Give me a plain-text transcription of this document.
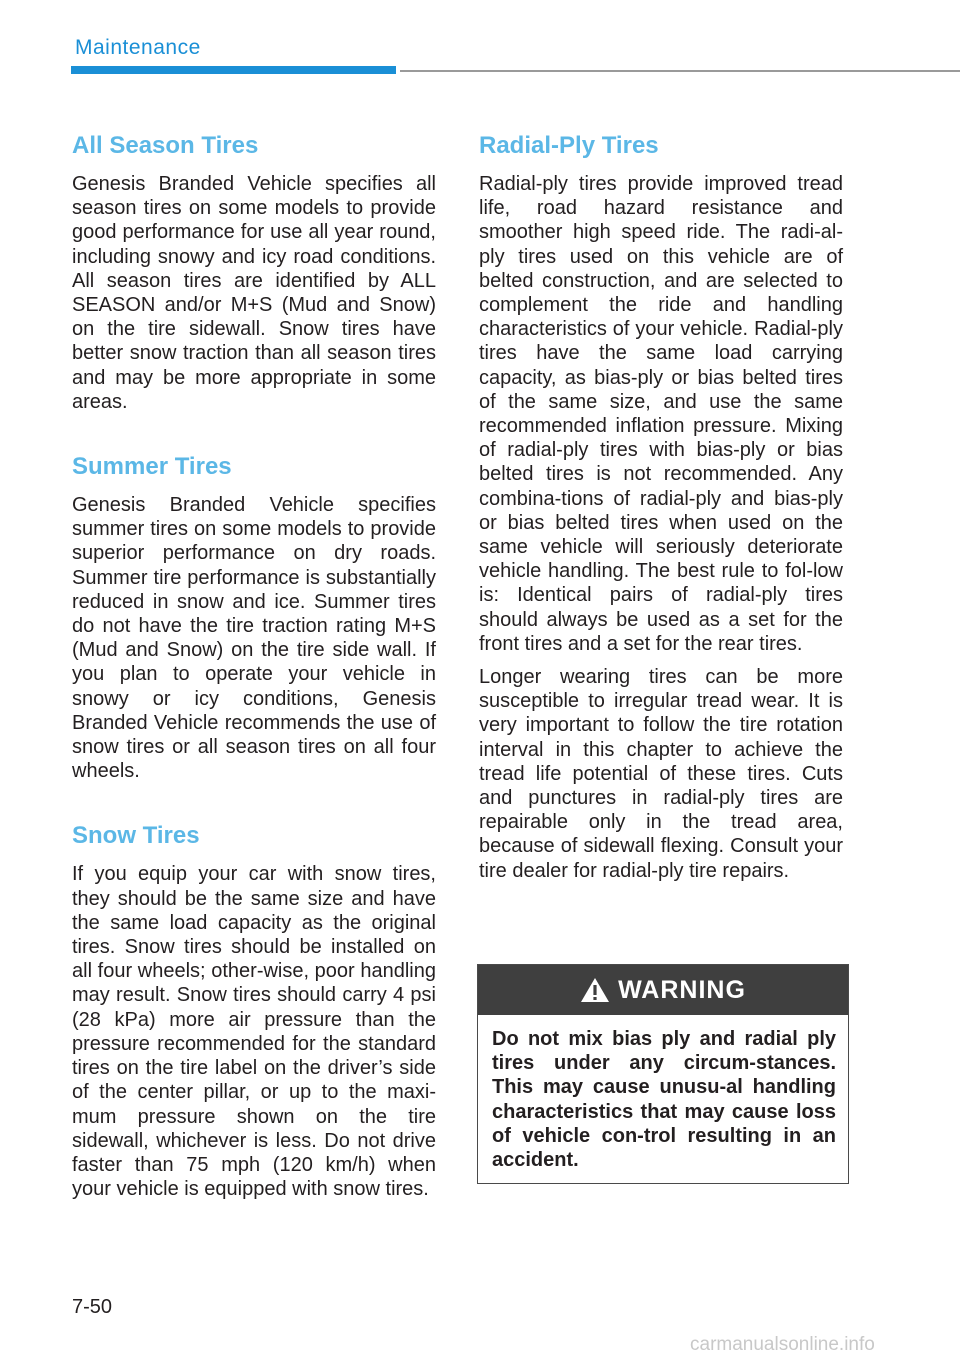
Maintenance
All Season Tires

Genesis Branded Vehicle specifies all season tires on some models to provide good performance for use all year round, including snowy and icy road conditions. All season tires are identified by ALL SEASON and/or M+S (Mud and Snow) on the tire sidewall. Snow tires have better snow traction than all season tires and may be more appropriate in some areas.

Summer Tires

Genesis Branded Vehicle specifies summer tires on some models to provide superior performance on dry roads. Summer tire performance is substantially reduced in snow and ice. Summer tires do not have the tire traction rating M+S (Mud and Snow) on the tire side wall. If you plan to operate your vehicle in snowy or icy conditions, Genesis Branded Vehicle recommends the use of snow tires or all season tires on all four wheels.

Snow Tires

If you equip your car with snow tires, they should be the same size and have the same load capacity as the original tires. Snow tires should be installed on all four wheels; other-wise, poor handling may result. Snow tires should carry 4 psi (28 kPa) more air pressure than the pressure recommended for the standard tires on the tire label on the driver’s side of the center pillar, or up to the maxi-mum pressure shown on the tire sidewall, whichever is less. Do not drive faster than 75 mph (120 km/h) when your vehicle is equipped with snow tires.

Radial-Ply Tires

Radial-ply tires provide improved tread life, road hazard resistance and smoother high speed ride. The radi-al-ply tires used on this vehicle are of belted construction, and are selected to complement the ride and handling characteristics of your vehicle. Radial-ply tires have the same load carrying capacity, as bias-ply or bias belted tires of the same size, and use the same recommended inflation pressure. Mixing of radial-ply tires with bias-ply or bias belted tires is not recommended. Any combina-tions of radial-ply and bias-ply or bias belted tires when used on the same vehicle will seriously deteriorate vehicle handling. The best rule to fol-low is: Identical pairs of radial-ply tires should always be used as a set for the front tires and a set for the rear tires.

Longer wearing tires can be more susceptible to irregular tread wear. It is very important to follow the tire rotation interval in this chapter to achieve the tread life potential of these tires. Cuts and punctures in radial-ply tires are repairable only in the tread area, because of sidewall flexing. Consult your tire dealer for radial-ply tire repairs.

WARNING
Do not mix bias ply and radial ply tires under any circum-stances. This may cause unusu-al handling characteristics that may cause loss of vehicle con-trol resulting in an accident.
7-50
carmanualsonline.info
